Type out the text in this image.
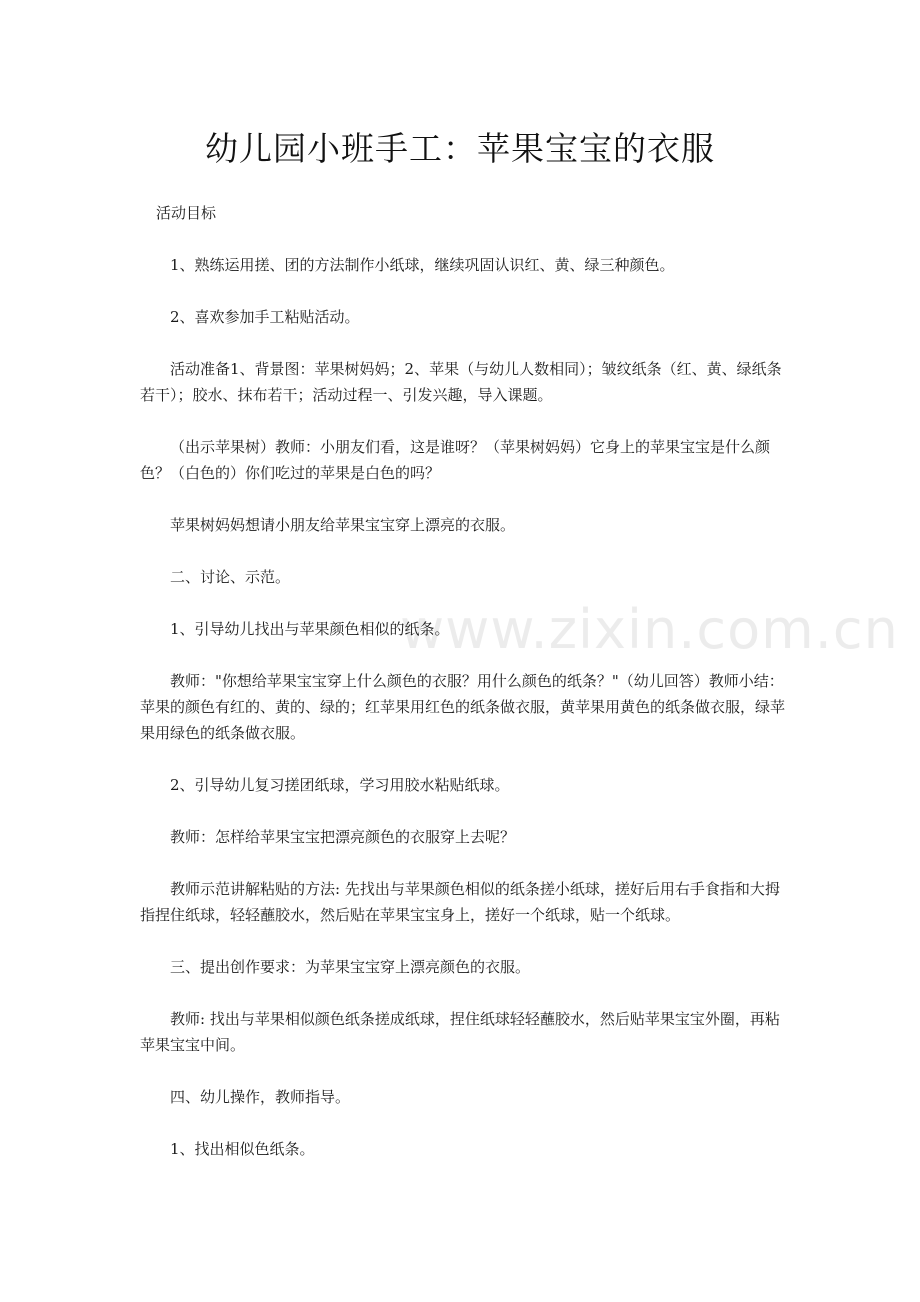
幼儿园小班手工：苹果宝宝的衣服
www.zixin.com.cn

活动目标

1、熟练运用搓、团的方法制作小纸球，继续巩固认识红、黄、绿三种颜色。

2、喜欢参加手工粘贴活动。

活动准备1、背景图：苹果树妈妈；2、苹果（与幼儿人数相同）；皱纹纸条（红、黄、绿纸条若干）；胶水、抹布若干；活动过程一、引发兴趣，导入课题。

（出示苹果树）教师：小朋友们看，这是谁呀？（苹果树妈妈）它身上的苹果宝宝是什么颜色？（白色的）你们吃过的苹果是白色的吗？

苹果树妈妈想请小朋友给苹果宝宝穿上漂亮的衣服。

二、讨论、示范。

1、引导幼儿找出与苹果颜色相似的纸条。

教师："你想给苹果宝宝穿上什么颜色的衣服？用什么颜色的纸条？"（幼儿回答）教师小结：苹果的颜色有红的、黄的、绿的；红苹果用红色的纸条做衣服，黄苹果用黄色的纸条做衣服，绿苹果用绿色的纸条做衣服。

2、引导幼儿复习搓团纸球，学习用胶水粘贴纸球。

教师：怎样给苹果宝宝把漂亮颜色的衣服穿上去呢？

教师示范讲解粘贴的方法: 先找出与苹果颜色相似的纸条搓小纸球，搓好后用右手食指和大拇指捏住纸球，轻轻蘸胶水，然后贴在苹果宝宝身上，搓好一个纸球，贴一个纸球。

三、提出创作要求：为苹果宝宝穿上漂亮颜色的衣服。

教师: 找出与苹果相似颜色纸条搓成纸球，捏住纸球轻轻蘸胶水，然后贴苹果宝宝外圈，再粘苹果宝宝中间。

四、幼儿操作，教师指导。

1、找出相似色纸条。
